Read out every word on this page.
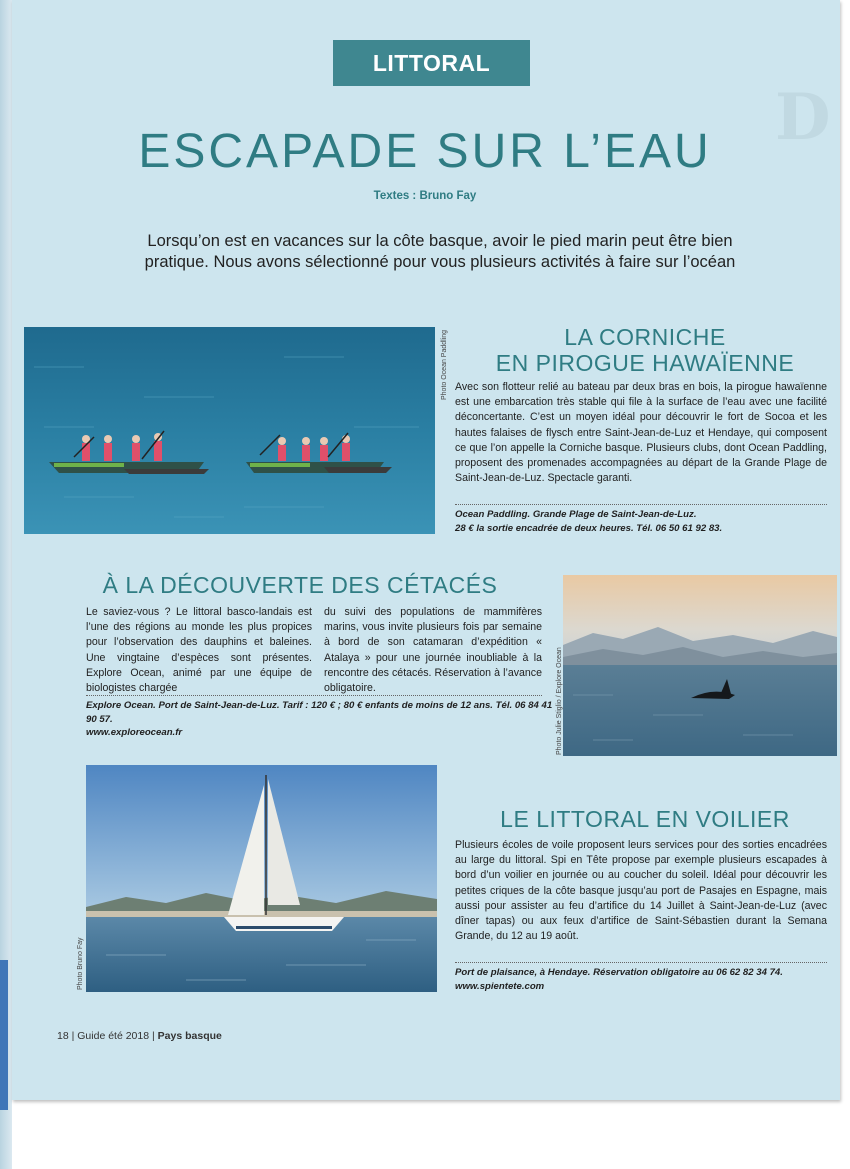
D
LITTORAL
ESCAPADE SUR L’EAU
Textes : Bruno Fay
Lorsqu’on est en vacances sur la côte basque, avoir le pied marin peut être bien pratique. Nous avons sélectionné pour vous plusieurs activités à faire sur l’océan
Photo Ocean Paddling	LA CORNICHE
EN PIROGUE HAWAÏENNE
Avec son flotteur relié au bateau par deux bras en bois, la pirogue hawaïenne est une embarcation très stable qui file à la surface de l’eau avec une facilité déconcertante. C’est un moyen idéal pour découvrir le fort de Socoa et les hautes falaises de flysch entre Saint-Jean-de-Luz et Hendaye, qui composent ce que l’on appelle la Corniche basque. Plusieurs clubs, dont Ocean Paddling, proposent des promenades accompagnées au départ de la Grande Plage de Saint-Jean-de-Luz. Spectacle garanti.
Ocean Paddling. Grande Plage de Saint-Jean-de-Luz.
28 € la sortie encadrée de deux heures. Tél. 06 50 61 92 83.
À LA DÉCOUVERTE DES CÉTACÉS
Le saviez-vous ? Le littoral basco-landais est l’une des régions au monde les plus propices pour l’observation des dauphins et baleines. Une vingtaine d’espèces sont présentes. Explore Ocean, animé par une équipe de biologistes chargée
du suivi des populations de mammifères marins, vous invite plusieurs fois par semaine à bord de son catamaran d’expédition « Atalaya » pour une journée inoubliable à la rencontre des cétacés. Réservation à l’avance obligatoire.
Explore Ocean. Port de Saint-Jean-de-Luz. Tarif : 120 € ; 80 € enfants de moins de 12 ans. Tél. 06 84 41 90 57.
www.exploreocean.fr	Photo Julie Stiglio / Explore Ocean
Photo Bruno Fay
LE LITTORAL EN VOILIER
Plusieurs écoles de voile proposent leurs services pour des sorties encadrées au large du littoral. Spi en Tête propose par exemple plusieurs escapades à bord d’un voilier en journée ou au coucher du soleil. Idéal pour découvrir les petites criques de la côte basque jusqu’au port de Pasajes en Espagne, mais aussi pour assister au feu d’artifice du 14 Juillet à Saint-Jean-de-Luz (avec dîner tapas) ou aux feux d’artifice de Saint-Sébastien durant la Semana Grande, du 12 au 19 août.
Port de plaisance, à Hendaye. Réservation obligatoire au 06 62 82 34 74.
www.spientete.com
18 | Guide été 2018 | Pays basque
